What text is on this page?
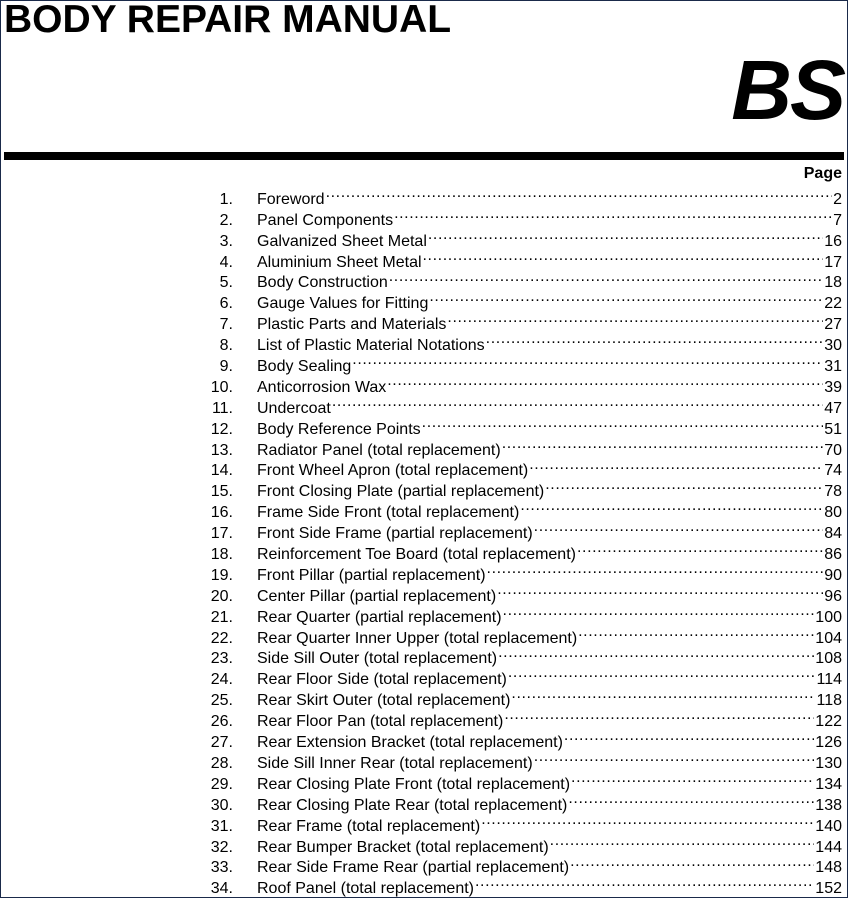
BODY REPAIR MANUAL
BS
Page
1. Foreword .....	2
2. Panel Components .....	7
3. Galvanized Sheet Metal .....	16
4. Aluminium Sheet Metal .....	17
5. Body Construction .....	18
6. Gauge Values for Fitting .....	22
7. Plastic Parts and Materials .....	27
8. List of Plastic Material Notations .....	30
9. Body Sealing .....	31
10. Anticorrosion Wax .....	39
11. Undercoat .....	47
12. Body Reference Points .....	51
13. Radiator Panel (total replacement) .....	70
14. Front Wheel Apron (total replacement) .....	74
15. Front Closing Plate (partial replacement) .....	78
16. Frame Side Front (total replacement) .....	80
17. Front Side Frame (partial replacement) .....	84
18. Reinforcement Toe Board (total replacement) .....	86
19. Front Pillar (partial replacement) .....	90
20. Center Pillar (partial replacement) .....	96
21. Rear Quarter (partial replacement) .....	100
22. Rear Quarter Inner Upper (total replacement) .....	104
23. Side Sill Outer (total replacement) .....	108
24. Rear Floor Side (total replacement) .....	114
25. Rear Skirt Outer (total replacement) .....	118
26. Rear Floor Pan (total replacement) .....	122
27. Rear Extension Bracket (total replacement) .....	126
28. Side Sill Inner Rear (total replacement) .....	130
29. Rear Closing Plate Front (total replacement) .....	134
30. Rear Closing Plate Rear (total replacement) .....	138
31. Rear Frame (total replacement) .....	140
32. Rear Bumper Bracket (total replacement) .....	144
33. Rear Side Frame Rear (partial replacement) .....	148
34. Roof Panel (total replacement) .....	152
